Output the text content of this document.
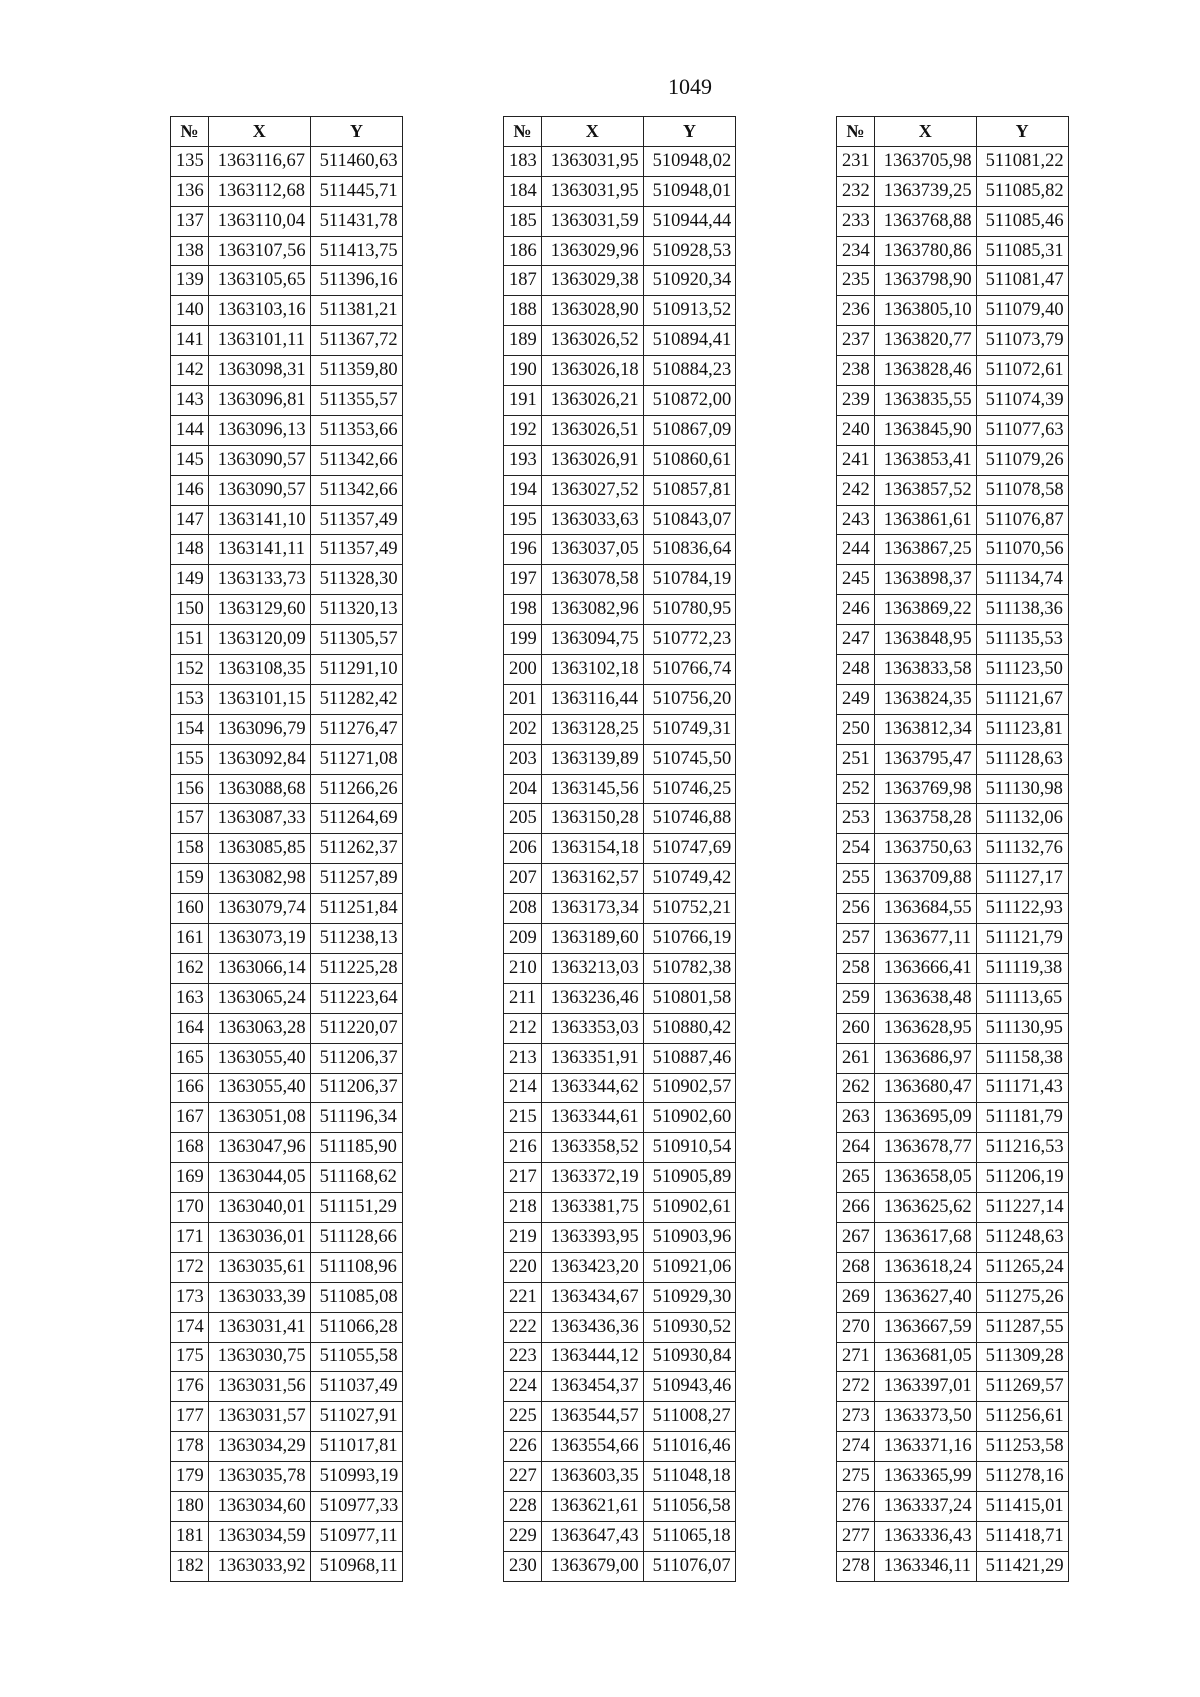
1049
№	X	Y
135	1363116,67	511460,63
136	1363112,68	511445,71
137	1363110,04	511431,78
138	1363107,56	511413,75
139	1363105,65	511396,16
140	1363103,16	511381,21
141	1363101,11	511367,72
142	1363098,31	511359,80
143	1363096,81	511355,57
144	1363096,13	511353,66
145	1363090,57	511342,66
146	1363090,57	511342,66
147	1363141,10	511357,49
148	1363141,11	511357,49
149	1363133,73	511328,30
150	1363129,60	511320,13
151	1363120,09	511305,57
152	1363108,35	511291,10
153	1363101,15	511282,42
154	1363096,79	511276,47
155	1363092,84	511271,08
156	1363088,68	511266,26
157	1363087,33	511264,69
158	1363085,85	511262,37
159	1363082,98	511257,89
160	1363079,74	511251,84
161	1363073,19	511238,13
162	1363066,14	511225,28
163	1363065,24	511223,64
164	1363063,28	511220,07
165	1363055,40	511206,37
166	1363055,40	511206,37
167	1363051,08	511196,34
168	1363047,96	511185,90
169	1363044,05	511168,62
170	1363040,01	511151,29
171	1363036,01	511128,66
172	1363035,61	511108,96
173	1363033,39	511085,08
174	1363031,41	511066,28
175	1363030,75	511055,58
176	1363031,56	511037,49
177	1363031,57	511027,91
178	1363034,29	511017,81
179	1363035,78	510993,19
180	1363034,60	510977,33
181	1363034,59	510977,11
182	1363033,92	510968,11
№	X	Y
183	1363031,95	510948,02
184	1363031,95	510948,01
185	1363031,59	510944,44
186	1363029,96	510928,53
187	1363029,38	510920,34
188	1363028,90	510913,52
189	1363026,52	510894,41
190	1363026,18	510884,23
191	1363026,21	510872,00
192	1363026,51	510867,09
193	1363026,91	510860,61
194	1363027,52	510857,81
195	1363033,63	510843,07
196	1363037,05	510836,64
197	1363078,58	510784,19
198	1363082,96	510780,95
199	1363094,75	510772,23
200	1363102,18	510766,74
201	1363116,44	510756,20
202	1363128,25	510749,31
203	1363139,89	510745,50
204	1363145,56	510746,25
205	1363150,28	510746,88
206	1363154,18	510747,69
207	1363162,57	510749,42
208	1363173,34	510752,21
209	1363189,60	510766,19
210	1363213,03	510782,38
211	1363236,46	510801,58
212	1363353,03	510880,42
213	1363351,91	510887,46
214	1363344,62	510902,57
215	1363344,61	510902,60
216	1363358,52	510910,54
217	1363372,19	510905,89
218	1363381,75	510902,61
219	1363393,95	510903,96
220	1363423,20	510921,06
221	1363434,67	510929,30
222	1363436,36	510930,52
223	1363444,12	510930,84
224	1363454,37	510943,46
225	1363544,57	511008,27
226	1363554,66	511016,46
227	1363603,35	511048,18
228	1363621,61	511056,58
229	1363647,43	511065,18
230	1363679,00	511076,07
№	X	Y
231	1363705,98	511081,22
232	1363739,25	511085,82
233	1363768,88	511085,46
234	1363780,86	511085,31
235	1363798,90	511081,47
236	1363805,10	511079,40
237	1363820,77	511073,79
238	1363828,46	511072,61
239	1363835,55	511074,39
240	1363845,90	511077,63
241	1363853,41	511079,26
242	1363857,52	511078,58
243	1363861,61	511076,87
244	1363867,25	511070,56
245	1363898,37	511134,74
246	1363869,22	511138,36
247	1363848,95	511135,53
248	1363833,58	511123,50
249	1363824,35	511121,67
250	1363812,34	511123,81
251	1363795,47	511128,63
252	1363769,98	511130,98
253	1363758,28	511132,06
254	1363750,63	511132,76
255	1363709,88	511127,17
256	1363684,55	511122,93
257	1363677,11	511121,79
258	1363666,41	511119,38
259	1363638,48	511113,65
260	1363628,95	511130,95
261	1363686,97	511158,38
262	1363680,47	511171,43
263	1363695,09	511181,79
264	1363678,77	511216,53
265	1363658,05	511206,19
266	1363625,62	511227,14
267	1363617,68	511248,63
268	1363618,24	511265,24
269	1363627,40	511275,26
270	1363667,59	511287,55
271	1363681,05	511309,28
272	1363397,01	511269,57
273	1363373,50	511256,61
274	1363371,16	511253,58
275	1363365,99	511278,16
276	1363337,24	511415,01
277	1363336,43	511418,71
278	1363346,11	511421,29
